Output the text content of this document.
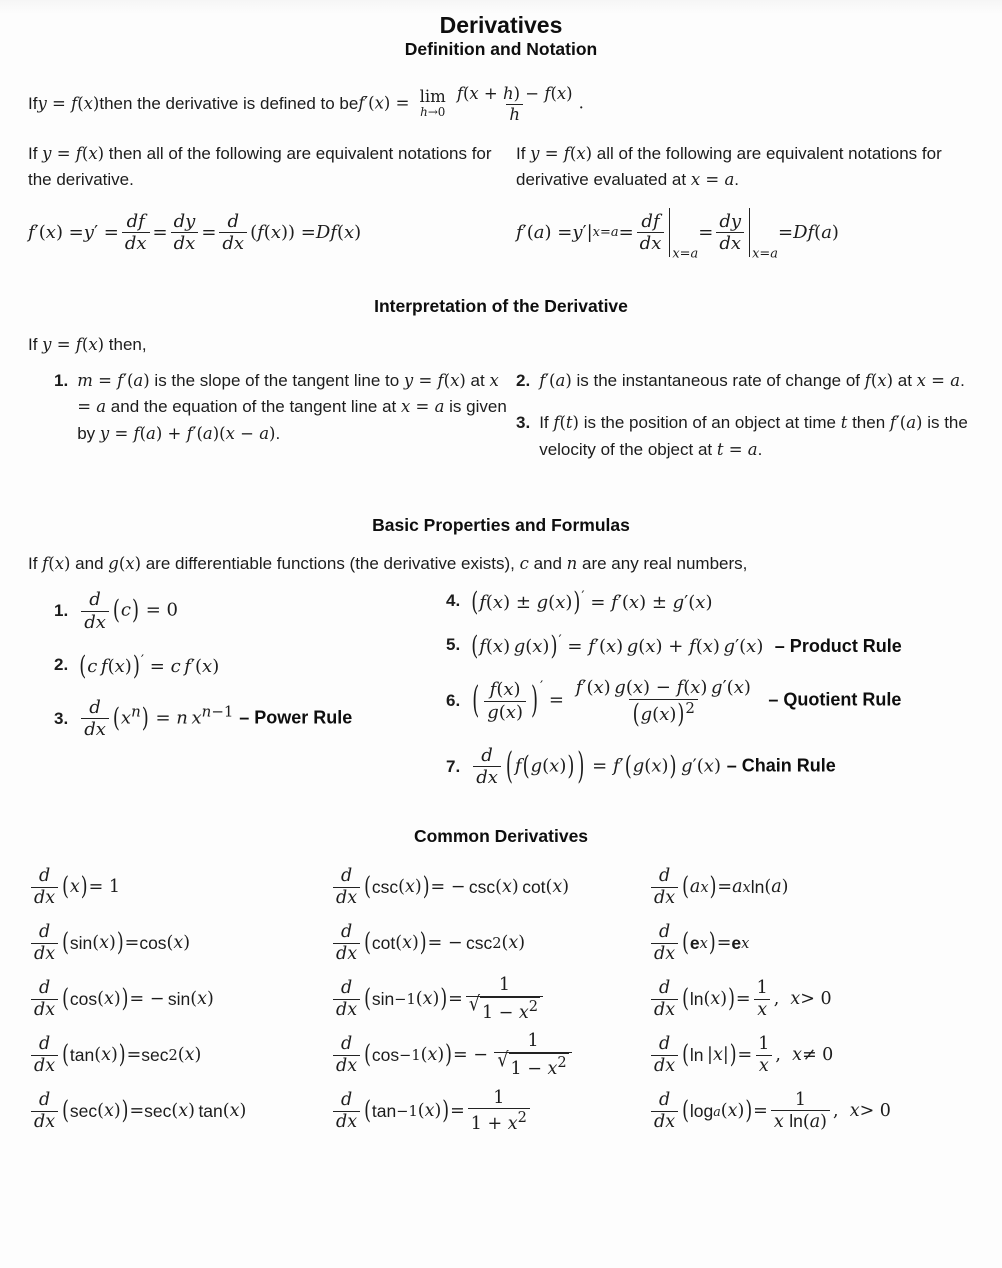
Derivatives
Definition and Notation

If y = f(x) then the derivative is defined to be f′(x) = lim
$h\to 0 \frac{f(x + h) - f(x)}{h}$ .

If y = f(x) then all of the following are equivalent notations for the derivative.

f ′( x ) = y ′ =
df
dx
=
dy
dx
=
d
dx
( f ( x )) = Df ( x )

If y = f(x) all of the following are equivalent notations for derivative evaluated at x = a.

f ′( a ) = y ′| x=a =
df
dx x=a
=
dy
dx x=a
= Df ( a )
Interpretation of the Derivative

If y = f(x) then,

1. m = f′(a) is the slope of the tangent line to y = f(x) at x = a and the equation of the tangent line at x = a is given by y = f(a) + f′(a)(x − a).
2. f′(a) is the instantaneous rate of change of f(x) at x = a.
3. If f(t) is the position of an object at time t then f′(a) is the velocity of the object at t = a.
Basic Properties and Formulas

If f(x) and g(x) are differentiable functions (the derivative exists), c and n are any real numbers,

1. $\frac{d}{dx} (c) = 0$
2. (c  f(x))′ = c  f′(x)
3. $\frac{d}{dx} (x^n) = n$  $x^{n-1}$ – Power Rule
4. (f(x) ± g(x))′ = f′(x) ± g′(x)
5. (f(x) g(x))′ = f′(x) g(x) + f(x) g′(x)  – Product Rule
6. ( $\frac{f(x)}{g(x)}$ ) $' = \frac{f'(x) g(x) - f(x) g'(x)}{(g(x))^2}$ – Quotient Rule
7. $\frac{d}{dx}$ ( f(g(x)) ) = f′(g(x))  g′(x) – Chain Rule
Common Derivatives
d
dx ( x ) = 1
d
dx ( sin ( x ) ) = cos ( x )
d
dx ( cos ( x ) ) = −  sin ( x )
d
dx ( tan ( x ) ) = sec 2 ( x )
d
dx ( sec ( x ) ) = sec ( x )  tan ( x )
d
dx ( csc ( x ) ) = −  csc ( x )  cot ( x )
d
dx ( cot ( x ) ) = −  csc 2 ( x )
d
dx ( sin −1 ( x ) ) =
1
√ $1 - x^2$
d
dx ( cos −1 ( x ) ) = − 
1
√ $1 - x^2$
d
dx ( tan −1 ( x ) ) =
1
$1 + x^2$
d
dx ( a x ) = a x ln ( a )
d
dx ( e x ) = e x
d
dx ( ln ( x ) ) =
1
x
, x > 0
d
dx ( ln  | x | ) =
1
x
, x ≠ 0
d
dx ( log a ( x ) ) =
1
x ln(a)
, x > 0
